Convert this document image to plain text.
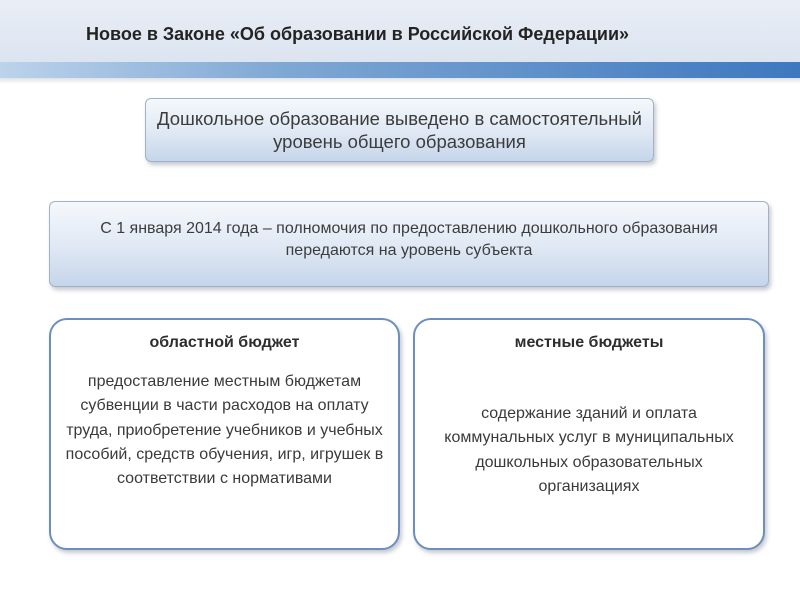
Новое в Законе «Об образовании в Российской Федерации»
Дошкольное образование выведено в самостоятельный уровень общего образования
С 1 января 2014 года – полномочия по предоставлению дошкольного образования передаются на уровень субъекта
областной бюджет
предоставление местным бюджетам субвенции в части расходов на оплату труда, приобретение учебников и учебных пособий, средств обучения, игр, игрушек в соответствии с нормативами
местные бюджеты
содержание зданий и оплата коммунальных услуг в муниципальных дошкольных образовательных организациях
